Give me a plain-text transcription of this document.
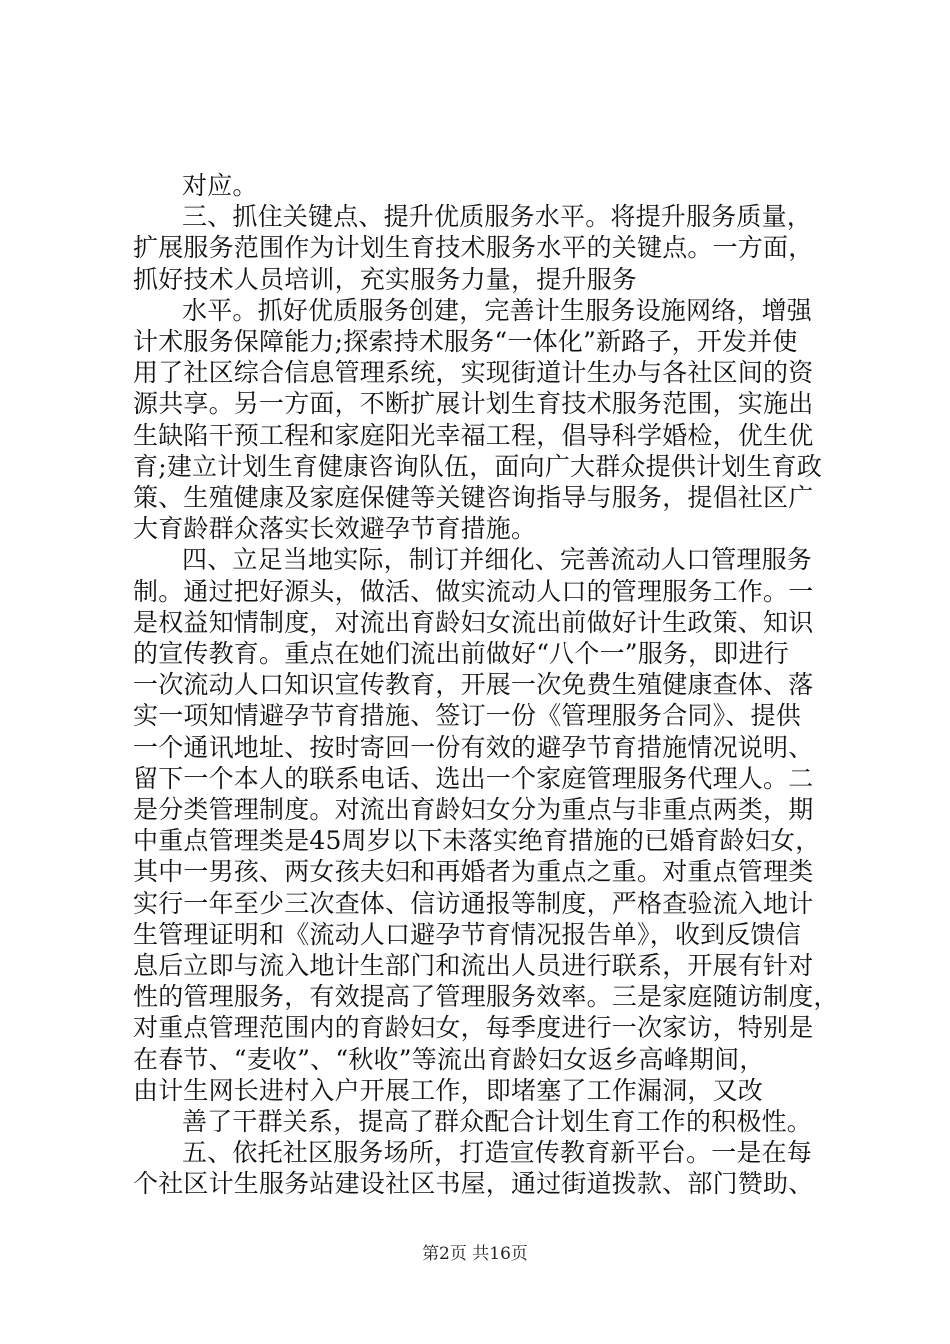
对应。
三、抓住关键点、提升优质服务水平。将提升服务质量，
扩展服务范围作为计划生育技术服务水平的关键点。一方面，
抓好技术人员培训，充实服务力量，提升服务
水平。抓好优质服务创建，完善计生服务设施网络，增强
计术服务保障能力;探索持术服务“一体化”新路子，开发并使
用了社区综合信息管理系统，实现街道计生办与各社区间的资
源共享。另一方面，不断扩展计划生育技术服务范围，实施出
生缺陷干预工程和家庭阳光幸福工程，倡导科学婚检，优生优
育;建立计划生育健康咨询队伍，面向广大群众提供计划生育政
策、生殖健康及家庭保健等关键咨询指导与服务，提倡社区广
大育龄群众落实长效避孕节育措施。
四、立足当地实际，制订并细化、完善流动人口管理服务
制。通过把好源头，做活、做实流动人口的管理服务工作。一
是权益知情制度，对流出育龄妇女流出前做好计生政策、知识
的宣传教育。重点在她们流出前做好“八个一”服务，即进行
一次流动人口知识宣传教育，开展一次免费生殖健康查体、落
实一项知情避孕节育措施、签订一份《管理服务合同》、提供
一个通讯地址、按时寄回一份有效的避孕节育措施情况说明、
留下一个本人的联系电话、选出一个家庭管理服务代理人。二
是分类管理制度。对流出育龄妇女分为重点与非重点两类，期
中重点管理类是45周岁以下未落实绝育措施的已婚育龄妇女，
其中一男孩、两女孩夫妇和再婚者为重点之重。对重点管理类
实行一年至少三次查体、信访通报等制度，严格查验流入地计
生管理证明和《流动人口避孕节育情况报告单》，收到反馈信
息后立即与流入地计生部门和流出人员进行联系，开展有针对
性的管理服务，有效提高了管理服务效率。三是家庭随访制度，
对重点管理范围内的育龄妇女，每季度进行一次家访，特别是
在春节、“麦收”、“秋收”等流出育龄妇女返乡高峰期间，
由计生网长进村入户开展工作，即堵塞了工作漏洞，又改
善了干群关系，提高了群众配合计划生育工作的积极性。
五、依托社区服务场所，打造宣传教育新平台。一是在每
个社区计生服务站建设社区书屋，通过街道拨款、部门赞助、
第2页 共16页
